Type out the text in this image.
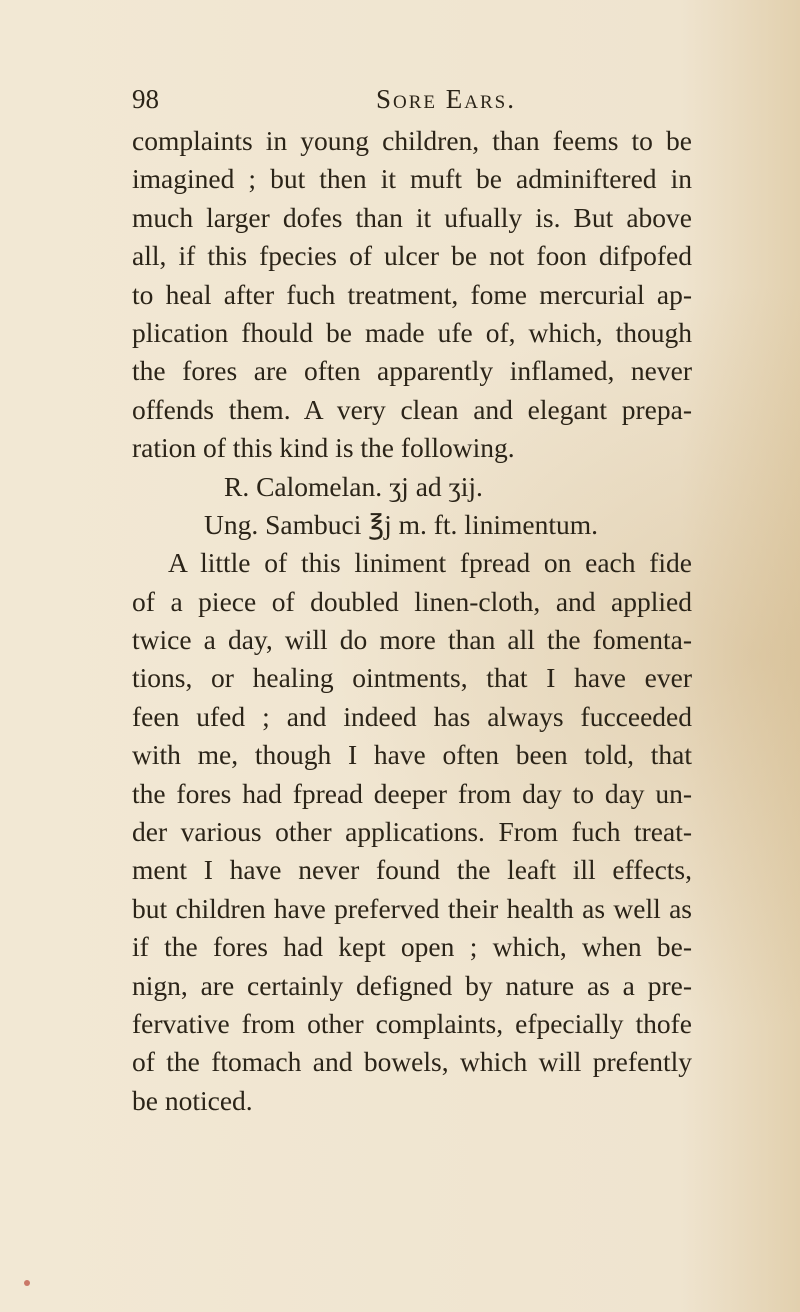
98	Sore Ears.
complaints in young children, than feems to be
imagined ; but then it muft be adminiftered in
much larger dofes than it ufually is. But above
all, if this fpecies of ulcer be not foon difpofed
to heal after fuch treatment, fome mercurial ap-
plication fhould be made ufe of, which, though
the fores are often apparently inflamed, never
offends them. A very clean and elegant prepa-
ration of this kind is the following.
R. Calomelan. ʒj ad ʒij.
Ung. Sambuci ℥j m. ft. linimentum.
A little of this liniment fpread on each fide
of a piece of doubled linen-cloth, and applied
twice a day, will do more than all the fomenta-
tions, or healing ointments, that I have ever
feen ufed ; and indeed has always fucceeded
with me, though I have often been told, that
the fores had fpread deeper from day to day un-
der various other applications. From fuch treat-
ment I have never found the leaft ill effects,
but children have preferved their health as well as
if the fores had kept open ; which, when be-
nign, are certainly defigned by nature as a pre-
fervative from other complaints, efpecially thofe
of the ftomach and bowels, which will prefently
be noticed.
